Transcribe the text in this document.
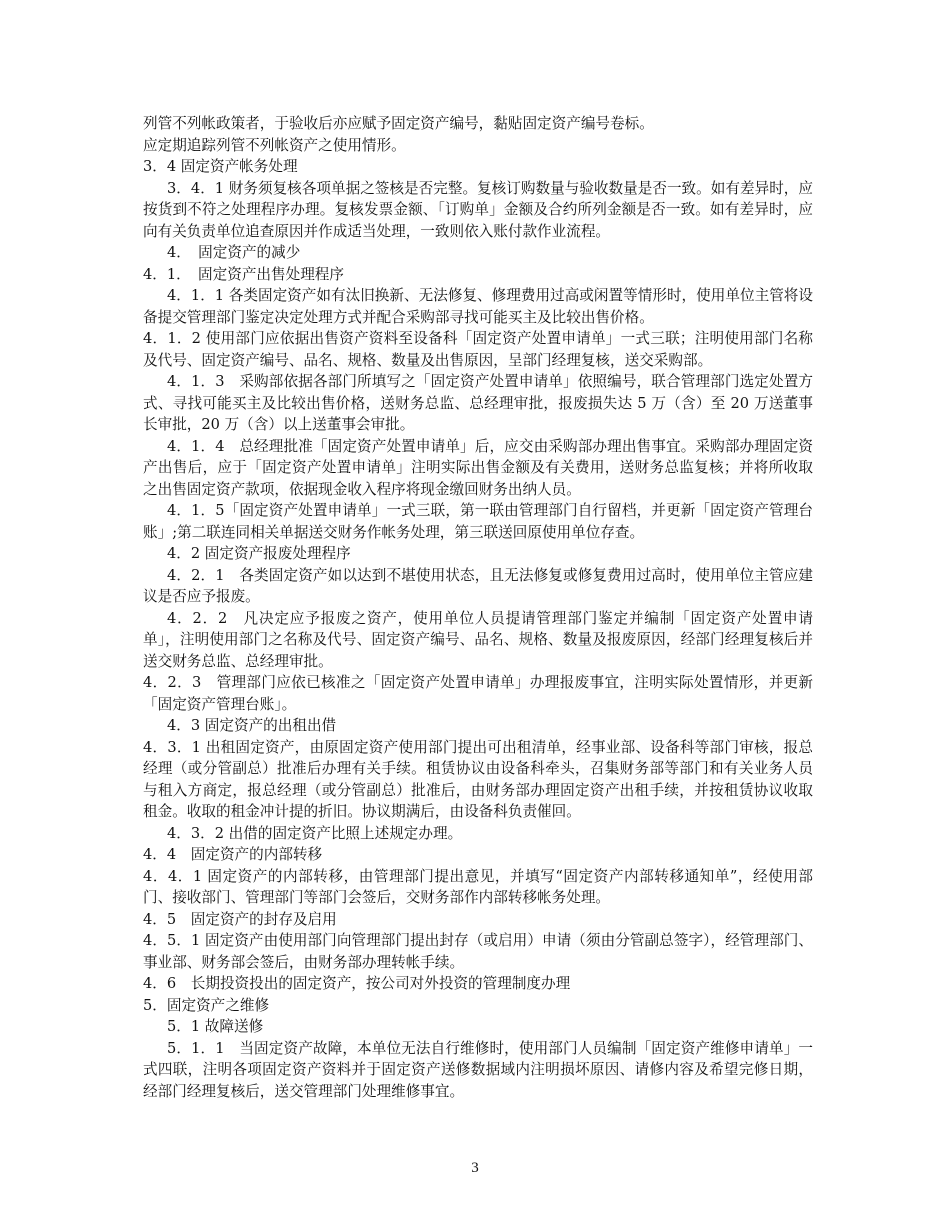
列管不列帐政策者，于验收后亦应赋予固定资产编号，黏贴固定资产编号卷标。

应定期追踪列管不列帐资产之使用情形。

3．4 固定资产帐务处理

3．4．1 财务须复核各项单据之签核是否完整。复核订购数量与验收数量是否一致。如有差异时，应按货到不符之处理程序办理。复核发票金额、「订购单」金额及合约所列金额是否一致。如有差异时，应向有关负责单位追查原因并作成适当处理，一致则依入账付款作业流程。

4．　固定资产的减少

4．1．　固定资产出售处理程序

4．1．1 各类固定资产如有汰旧换新、无法修复、修理费用过高或闲置等情形时，使用单位主管将设备提交管理部门鉴定决定处理方式并配合采购部寻找可能买主及比较出售价格。

4．1．2 使用部门应依据出售资产资料至设备科「固定资产处置申请单」一式三联；注明使用部门名称及代号、固定资产编号、品名、规格、数量及出售原因，呈部门经理复核，送交采购部。

4．1．3　采购部依据各部门所填写之「固定资产处置申请单」依照编号，联合管理部门选定处置方式、寻找可能买主及比较出售价格，送财务总监、总经理审批，报废损失达 5 万（含）至 20 万送董事长审批，20 万（含）以上送董事会审批。

4．1．4　总经理批准「固定资产处置申请单」后，应交由采购部办理出售事宜。采购部办理固定资产出售后，应于「固定资产处置申请单」注明实际出售金额及有关费用，送财务总监复核；并将所收取之出售固定资产款项，依据现金收入程序将现金缴回财务出纳人员。

4．1．5「固定资产处置申请单」一式三联，第一联由管理部门自行留档，并更新「固定资产管理台账」;第二联连同相关单据送交财务作帐务处理，第三联送回原使用单位存查。

4．2 固定资产报废处理程序

4．2．1　各类固定资产如以达到不堪使用状态，且无法修复或修复费用过高时，使用单位主管应建议是否应予报废。

4．2．2　凡决定应予报废之资产，使用单位人员提请管理部门鉴定并编制「固定资产处置申请单」，注明使用部门之名称及代号、固定资产编号、品名、规格、数量及报废原因，经部门经理复核后并送交财务总监、总经理审批。

4．2．3　管理部门应依已核准之「固定资产处置申请单」办理报废事宜，注明实际处置情形，并更新「固定资产管理台账」。

4．3 固定资产的出租出借

4．3．1 出租固定资产，由原固定资产使用部门提出可出租清单，经事业部、设备科等部门审核，报总经理（或分管副总）批准后办理有关手续。租赁协议由设备科牵头，召集财务部等部门和有关业务人员与租入方商定，报总经理（或分管副总）批准后，由财务部办理固定资产出租手续，并按租赁协议收取租金。收取的租金冲计提的折旧。协议期满后，由设备科负责催回。

4．3．2 出借的固定资产比照上述规定办理。

4．4　固定资产的内部转移

4．4．1 固定资产的内部转移，由管理部门提出意见，并填写“固定资产内部转移通知单”，经使用部门、接收部门、管理部门等部门会签后，交财务部作内部转移帐务处理。

4．5　固定资产的封存及启用

4．5．1 固定资产由使用部门向管理部门提出封存（或启用）申请（须由分管副总签字），经管理部门、事业部、财务部会签后，由财务部办理转帐手续。

4．6　长期投资投出的固定资产，按公司对外投资的管理制度办理

5．固定资产之维修

5．1 故障送修

5．1．1　当固定资产故障，本单位无法自行维修时，使用部门人员编制「固定资产维修申请单」一式四联，注明各项固定资产资料并于固定资产送修数据域内注明损坏原因、请修内容及希望完修日期，经部门经理复核后，送交管理部门处理维修事宜。

3
